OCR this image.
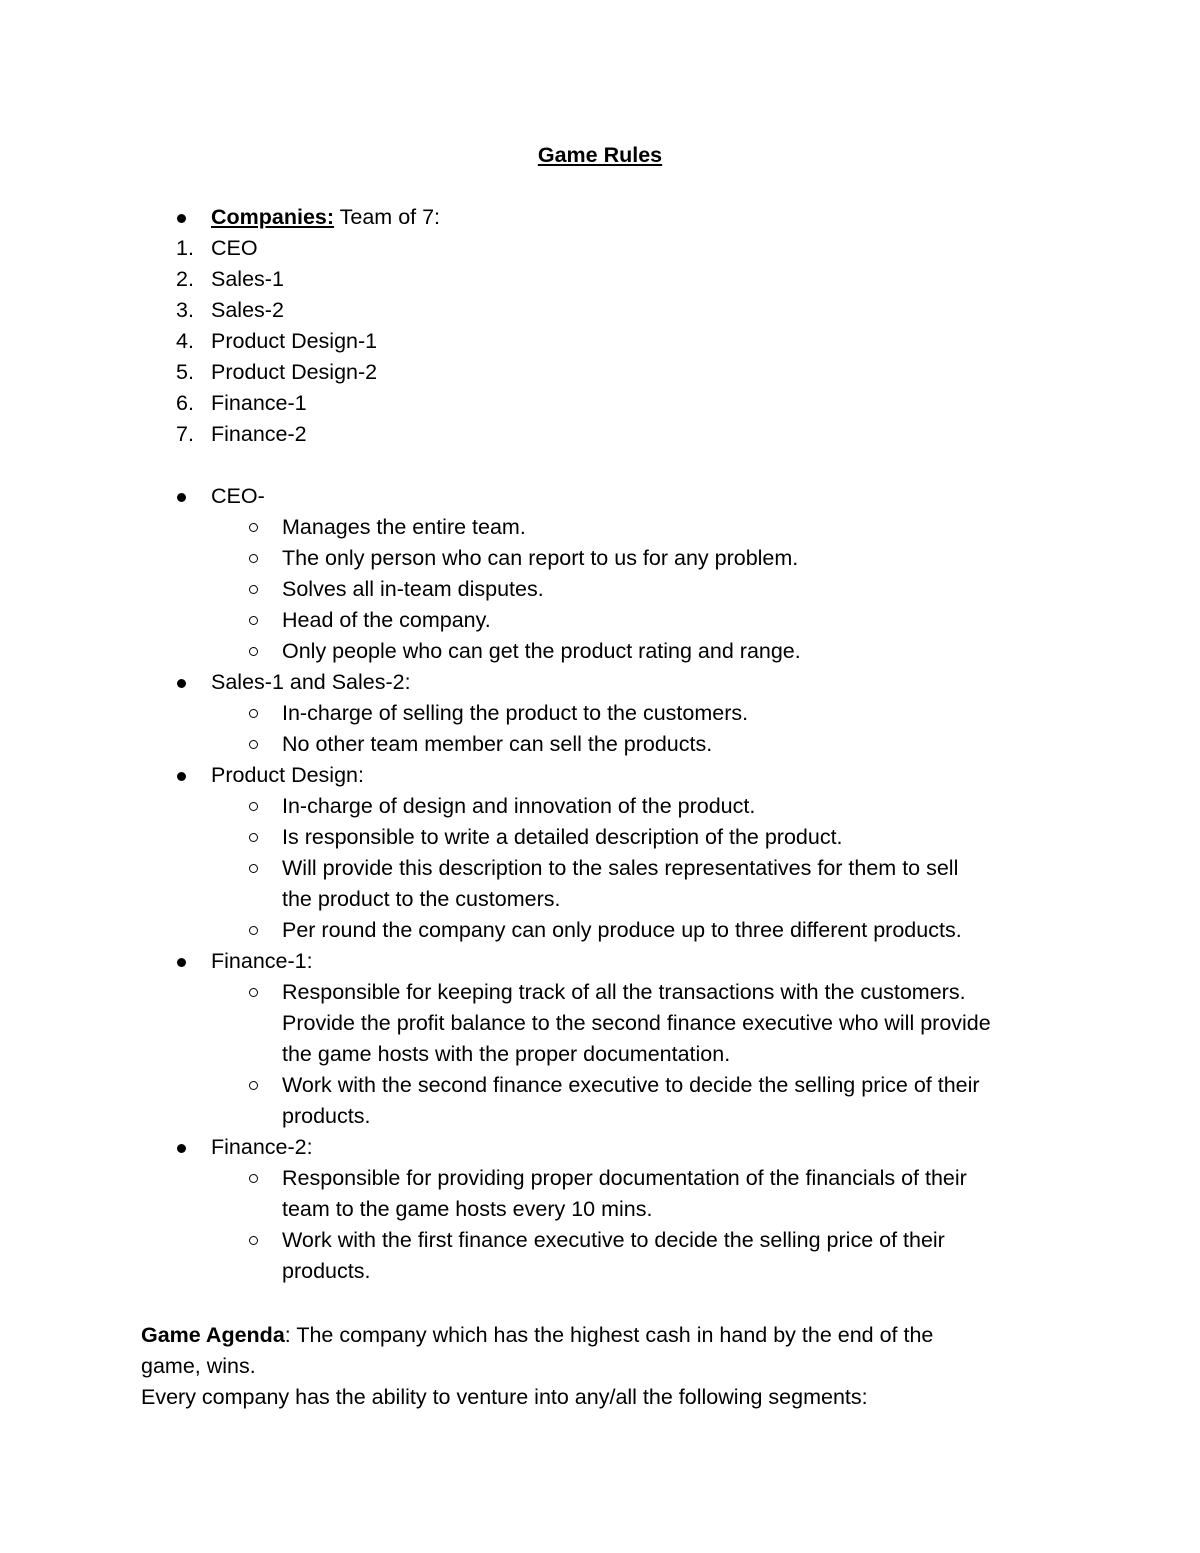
Game Rules
Companies: Team of 7:
1. CEO
2. Sales-1
3. Sales-2
4. Product Design-1
5. Product Design-2
6. Finance-1
7. Finance-2
CEO-
Manages the entire team.
The only person who can report to us for any problem.
Solves all in-team disputes.
Head of the company.
Only people who can get the product rating and range.
Sales-1 and Sales-2:
In-charge of selling the product to the customers.
No other team member can sell the products.
Product Design:
In-charge of design and innovation of the product.
Is responsible to write a detailed description of the product.
Will provide this description to the sales representatives for them to sell
the product to the customers.
Per round the company can only produce up to three different products.
Finance-1:
Responsible for keeping track of all the transactions with the customers.
Provide the profit balance to the second finance executive who will provide
the game hosts with the proper documentation.
Work with the second finance executive to decide the selling price of their
products.
Finance-2:
Responsible for providing proper documentation of the financials of their
team to the game hosts every 10 mins.
Work with the first finance executive to decide the selling price of their
products.
Game Agenda: The company which has the highest cash in hand by the end of the
game, wins.
Every company has the ability to venture into any/all the following segments:
